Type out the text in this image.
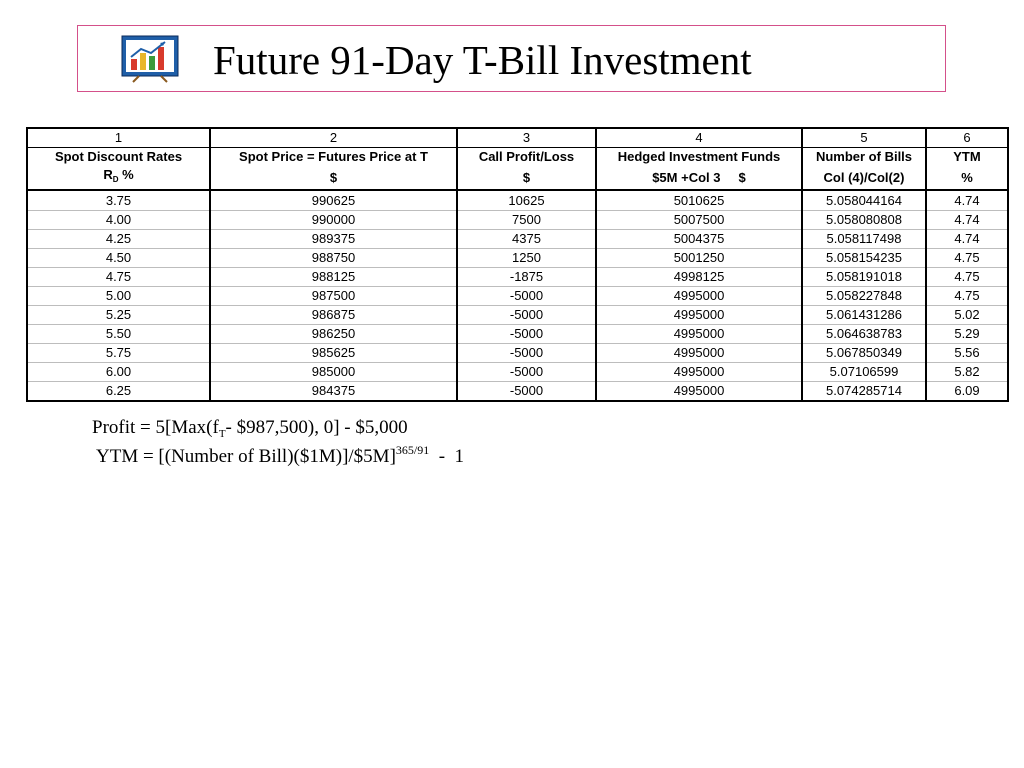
Future 91-Day T-Bill Investment
1	2	3	4	5	6
Spot Discount Rates	Spot Price = Futures Price at T	Call Profit/Loss	Hedged Investment Funds	Number of Bills	YTM
$R_D$ %	$	$	$5M +Col 3     $	Col (4)/Col(2)	%
3.75	990625	10625	5010625	5.058044164	4.74
4.00	990000	7500	5007500	5.058080808	4.74
4.25	989375	4375	5004375	5.058117498	4.74
4.50	988750	1250	5001250	5.058154235	4.75
4.75	988125	-1875	4998125	5.058191018	4.75
5.00	987500	-5000	4995000	5.058227848	4.75
5.25	986875	-5000	4995000	5.061431286	5.02
5.50	986250	-5000	4995000	5.064638783	5.29
5.75	985625	-5000	4995000	5.067850349	5.56
6.00	985000	-5000	4995000	5.07106599	5.82
6.25	984375	-5000	4995000	5.074285714	6.09
Profit = $5[Max(f_T-$ $987,500), 0] - $5,000
YTM = [(Number of Bill)($1M)]/$5M]$^{365/91}$  -  1
